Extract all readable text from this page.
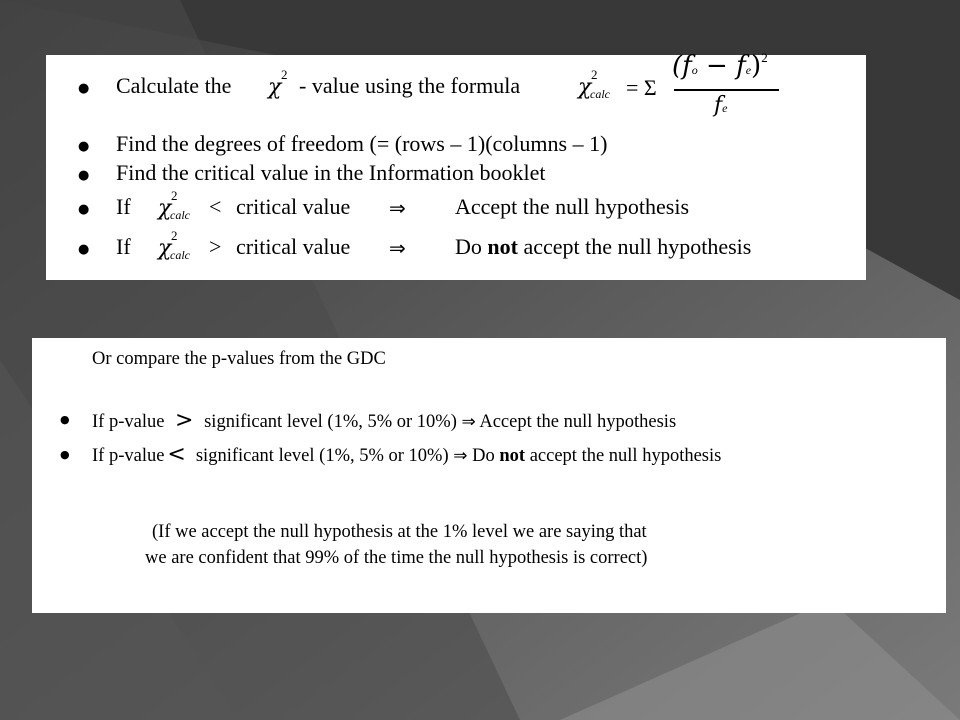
● Calculate the χ
2 - value using the formula	χ
2
calc = Σ
(fo − fe)$^2$
fe
● Find the degrees of freedom (= (rows – 1)(columns – 1)
● Find the critical value in the Information booklet
● If χ
2
calc < critical value ⇒ Accept the null hypothesis
● If χ
2
calc > critical value ⇒ Do not accept the null hypothesis
Or compare the p-values from the GDC
● If p-value > significant level (1%, 5% or 10%) ⇒ Accept the null hypothesis
● If p-value < significant level (1%, 5% or 10%) ⇒ Do not accept the null hypothesis
(If we accept the null hypothesis at the 1% level we are saying that
we are confident that 99% of the time the null hypothesis is correct)
